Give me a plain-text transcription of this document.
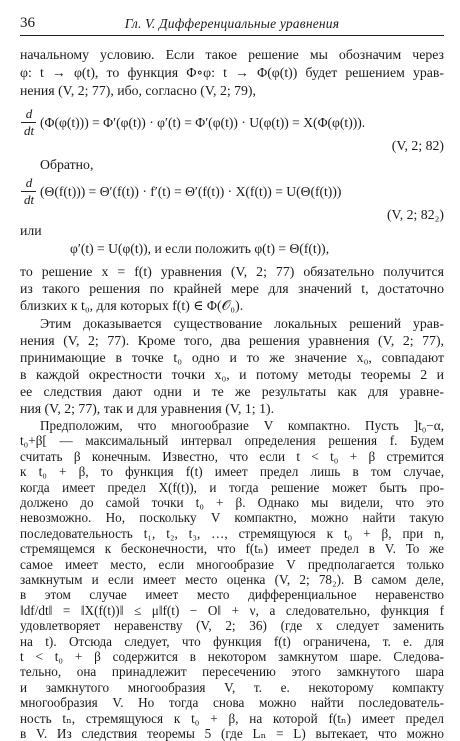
36	Гл. V. Дифференциальные уравнения
начальному условию. Если такое решение мы обозначим через
φ: t → φ(t), то функция Φ∘φ: t → Φ(φ(t)) будет решением урав-
нения (V, 2; 77), ибо, согласно (V, 2; 79),
d
dt
(Φ(φ(t))) = Φ′(φ(t)) · φ′(t) = Φ′(φ(t)) · U(φ(t)) = X(Φ(φ(t))).
(V, 2; 82)
Обратно,
d
dt
(Θ(f(t))) = Θ′(f(t)) · f′(t) = Θ′(f(t)) · X(f(t)) = U(Θ(f(t)))
(V, 2; 82₂)
или
φ′(t) = U(φ(t)), и если положить φ(t) = Θ(f(t)),
то решение x = f(t) уравнения (V, 2; 77) обязательно получится
из такого решения по крайней мере для значений t, достаточно
близких к t₀, для которых f(t) ∈ Φ(𝒪₀).
Этим доказывается существование локальных решений урав-
нения (V, 2; 77). Кроме того, два решения уравнения (V, 2; 77),
принимающие в точке t₀ одно и то же значение x₀, совпадают
в каждой окрестности точки x₀, и потому методы теоремы 2 и
ее следствия дают одни и те же результаты как для уравне-
ния (V, 2; 77), так и для уравнения (V, 1; 1).
Предположим, что многообразие V компактно. Пусть ]t₀−α,
t₀+β[ — максимальный интервал определения решения f. Будем
считать β конечным. Известно, что если t < t₀ + β стремится
к t₀ + β, то функция f(t) имеет предел лишь в том случае,
когда имеет предел X(f(t)), и тогда решение может быть про-
должено до самой точки t₀ + β. Однако мы видели, что это
невозможно. Но, поскольку V компактно, можно найти такую
последовательность t₁, t₂, t₃, …, стремящуюся к t₀ + β, при n,
стремящемся к бесконечности, что f(tₙ) имеет предел в V. То же
самое имеет место, если многообразие V предполагается только
замкнутым и если имеет место оценка (V, 2; 78₂). В самом деле,
в этом случае имеет место дифференциальное неравенство
‖df/dt‖ = ‖X(f(t))‖ ≤ μ‖f(t) − O‖ + ν, а следовательно, функция f
удовлетворяет неравенству (V, 2; 36) (где x следует заменить
на t). Отсюда следует, что функция f(t) ограничена, т. е. для
t < t₀ + β содержится в некотором замкнутом шаре. Следова-
тельно, она принадлежит пересечению этого замкнутого шара
и замкнутого многообразия V, т. е. некоторому компакту
многообразия V. Но тогда снова можно найти последователь-
ность tₙ, стремящуюся к t₀ + β, на которой f(tₙ) имеет предел
в V. Из следствия теоремы 5 (где Lₙ = L) вытекает, что можно
